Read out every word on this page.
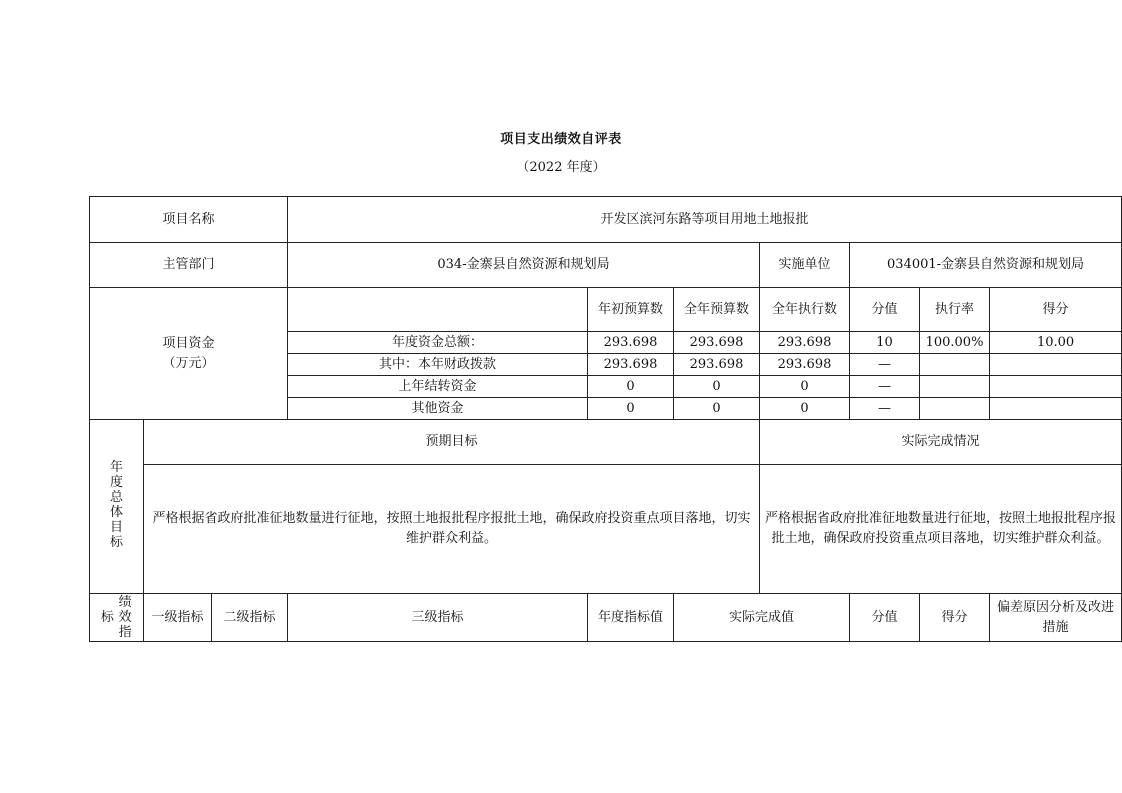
项目支出绩效自评表
（2022 年度）
项目名称			开发区滨河东路等项目用地土地报批						
主管部门			034-金寨县自然资源和规划局			实施单位	034001-金寨县自然资源和规划局		

项目资金
（万元）				年初预算数	全年预算数	全年执行数	分值	执行率	得分
			年度资金总额：	293.698	293.698	293.698	10	100.00%	10.00
			其中：本年财政拨款	293.698	293.698	293.698	—		
			上年结转资金	0	0	0	—		
			其他资金	0	0	0	—		
年度总体目标	预期目标					实际完成情况			
	严格根据省政府批准征地数量进行征地，按照土地报批程序报批土地，确保政府投资重点项目落地，切实维护群众利益。					严格根据省政府批准征地数量进行征地，按照土地报批程序报批土地，确保政府投资重点项目落地，切实维护群众利益。			
标 绩效指	一级指标	二级指标	三级指标	年度指标值	实际完成值		分值	得分	偏差原因分析及改进措施
